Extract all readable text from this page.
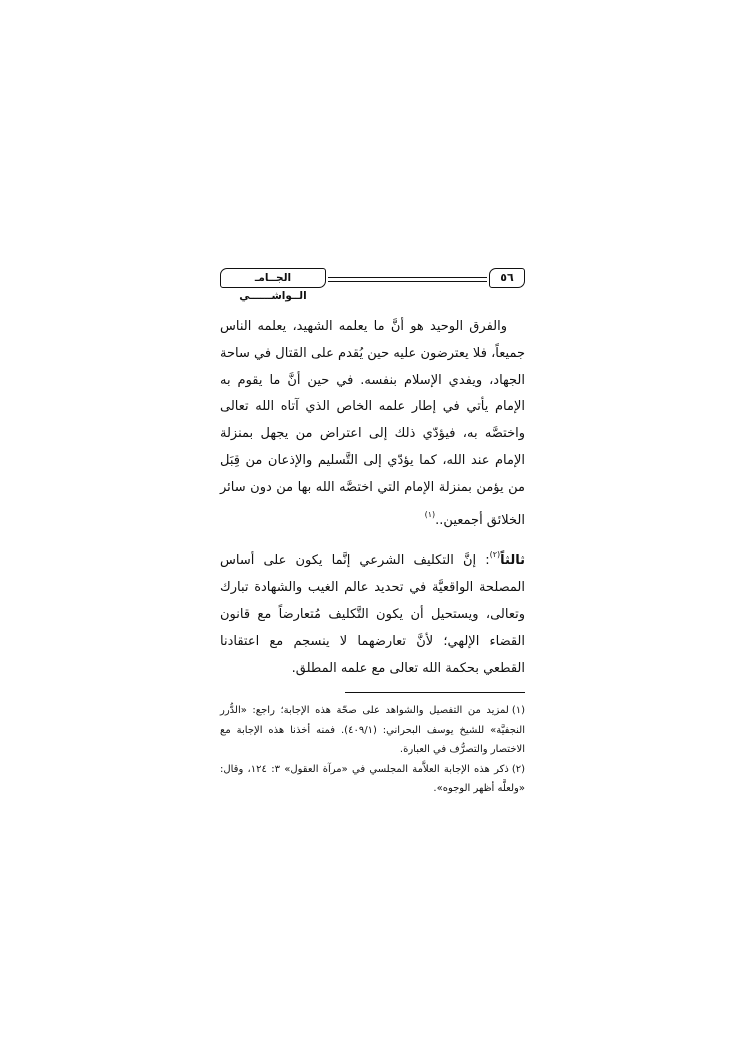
٥٦
الجــامـ الــواشــــــي

والفرق الوحيد هو أنَّ ما يعلمه الشهيد، يعلمه الناس جميعاً، فلا يعترضون عليه حين يُقدم على القتال في ساحة الجهاد، ويفدي الإسلام بنفسه. في حين أنَّ ما يقوم به الإمام يأتي في إطار علمه الخاص الذي آتاه الله تعالى واختصَّه به، فيؤدّي ذلك إلى اعتراض من يجهل بمنزلة الإمام عند الله، كما يؤدّي إلى التَّسليم والإذعان من قِبَل من يؤمن بمنزلة الإمام التي اختصَّه الله بها من دون سائر الخلائق أجمعين..$^{(١)}$

ثالثاً$^{(٢)}$: إنَّ التكليف الشرعي إنَّما يكون على أساس المصلحة الواقعيَّة في تحديد عالم الغيب والشهادة تبارك وتعالى، ويستحيل أن يكون التَّكليف مُتعارضاً مع قانون القضاء الإلهي؛ لأنَّ تعارضهما لا ينسجم مع اعتقادنا القطعي بحكمة الله تعالى مع علمه المطلق.

(١)لمزيد من التفصيل والشواهد على صحّة هذه الإجابة؛ راجع: «الدُّرر النجفيَّة» للشيخ يوسف البحراني: (٤٠٩/١). فمنه أخذنا هذه الإجابة مع الاختصار والتصرُّف في العبارة.

(٢)ذكر هذه الإجابة العلاَّمة المجلسي في «مرآة العقول» ٣: ١٢٤، وقال: «ولعلَّه أظهر الوجوه».
